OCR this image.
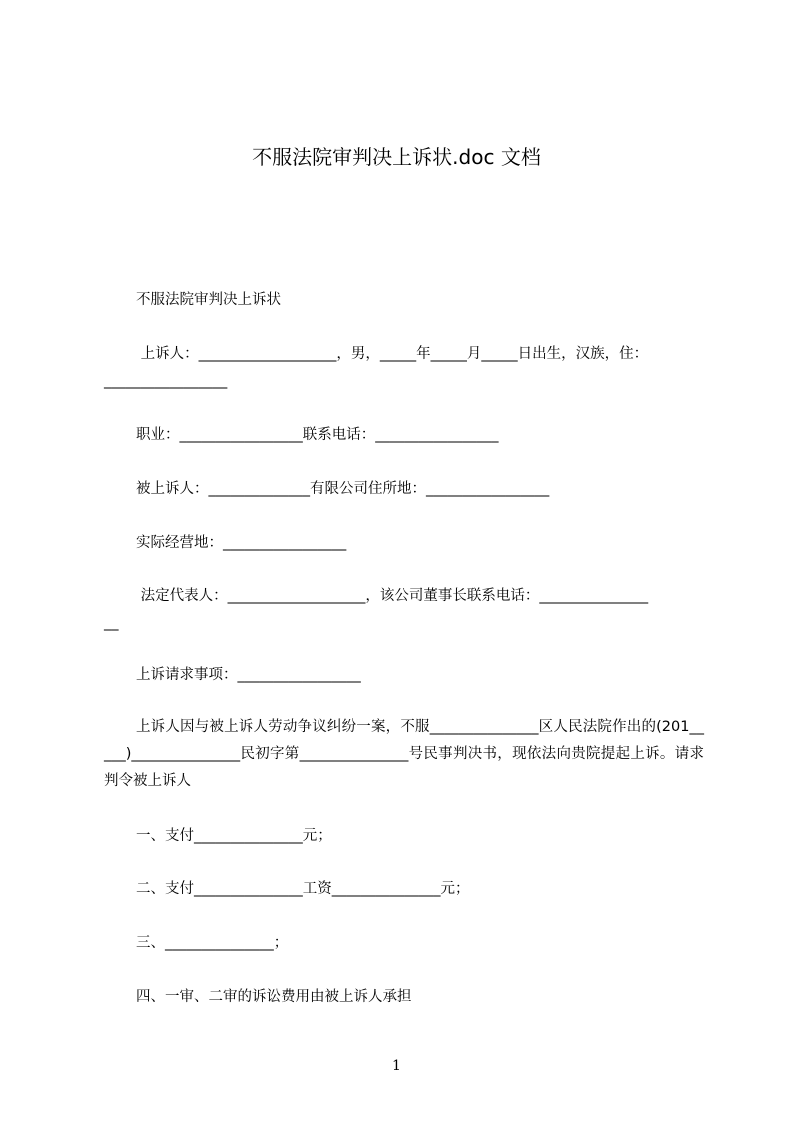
不服法院审判决上诉状.doc 文档
不服法院审判决上诉状
上诉人：___________________，男，_____年_____月_____日出生，汉族，住：
_________________
职业：_________________联系电话：_________________
被上诉人：______________有限公司住所地：_________________
实际经营地：_________________
法定代表人：___________________，该公司董事长联系电话：_______________
__
上诉请求事项：_________________
上诉人因与被上诉人劳动争议纠纷一案，不服_______________区人民法院作出的(201_____)_______________民初字第_______________号民事判决书，现依法向贵院提起上诉。请求判令被上诉人
一、支付_______________元；
二、支付_______________工资_______________元；
三、_______________；
四、一审、二审的诉讼费用由被上诉人承担
1
